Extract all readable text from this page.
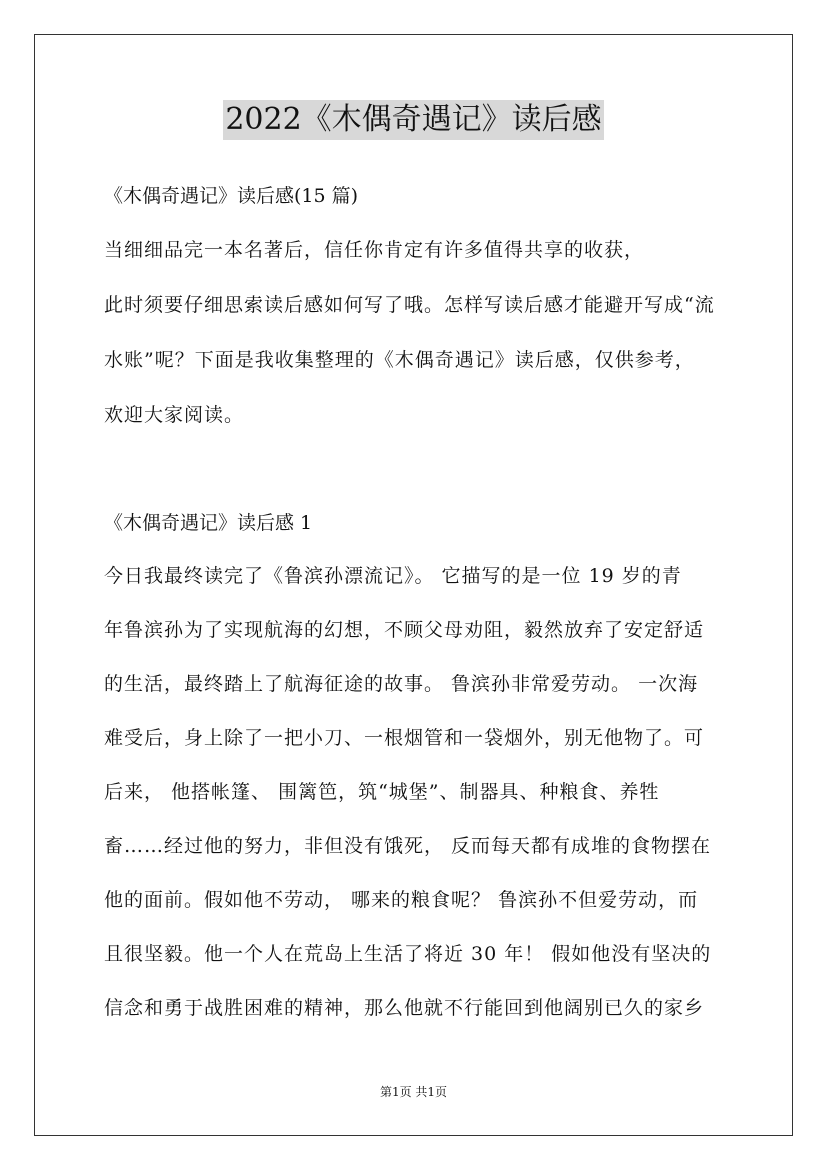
2022《木偶奇遇记》读后感
《木偶奇遇记》读后感(15 篇)
当细细品完一本名著后，信任你肯定有许多值得共享的收获，
此时须要仔细思索读后感如何写了哦。怎样写读后感才能避开写成“流
水账”呢？下面是我收集整理的《木偶奇遇记》读后感，仅供参考，
欢迎大家阅读。
《木偶奇遇记》读后感 1
今日我最终读完了《鲁滨孙漂流记》。 它描写的是一位 19 岁的青
年鲁滨孙为了实现航海的幻想，不顾父母劝阻，毅然放弃了安定舒适
的生活，最终踏上了航海征途的故事。 鲁滨孙非常爱劳动。 一次海
难受后，身上除了一把小刀、一根烟管和一袋烟外，别无他物了。可
后来， 他搭帐篷、 围篱笆，筑“城堡”、制器具、种粮食、养牲
畜……经过他的努力，非但没有饿死， 反而每天都有成堆的食物摆在
他的面前。假如他不劳动， 哪来的粮食呢？ 鲁滨孙不但爱劳动，而
且很坚毅。他一个人在荒岛上生活了将近 30 年！ 假如他没有坚决的
信念和勇于战胜困难的精神，那么他就不行能回到他阔别已久的家乡
第1页 共1页
